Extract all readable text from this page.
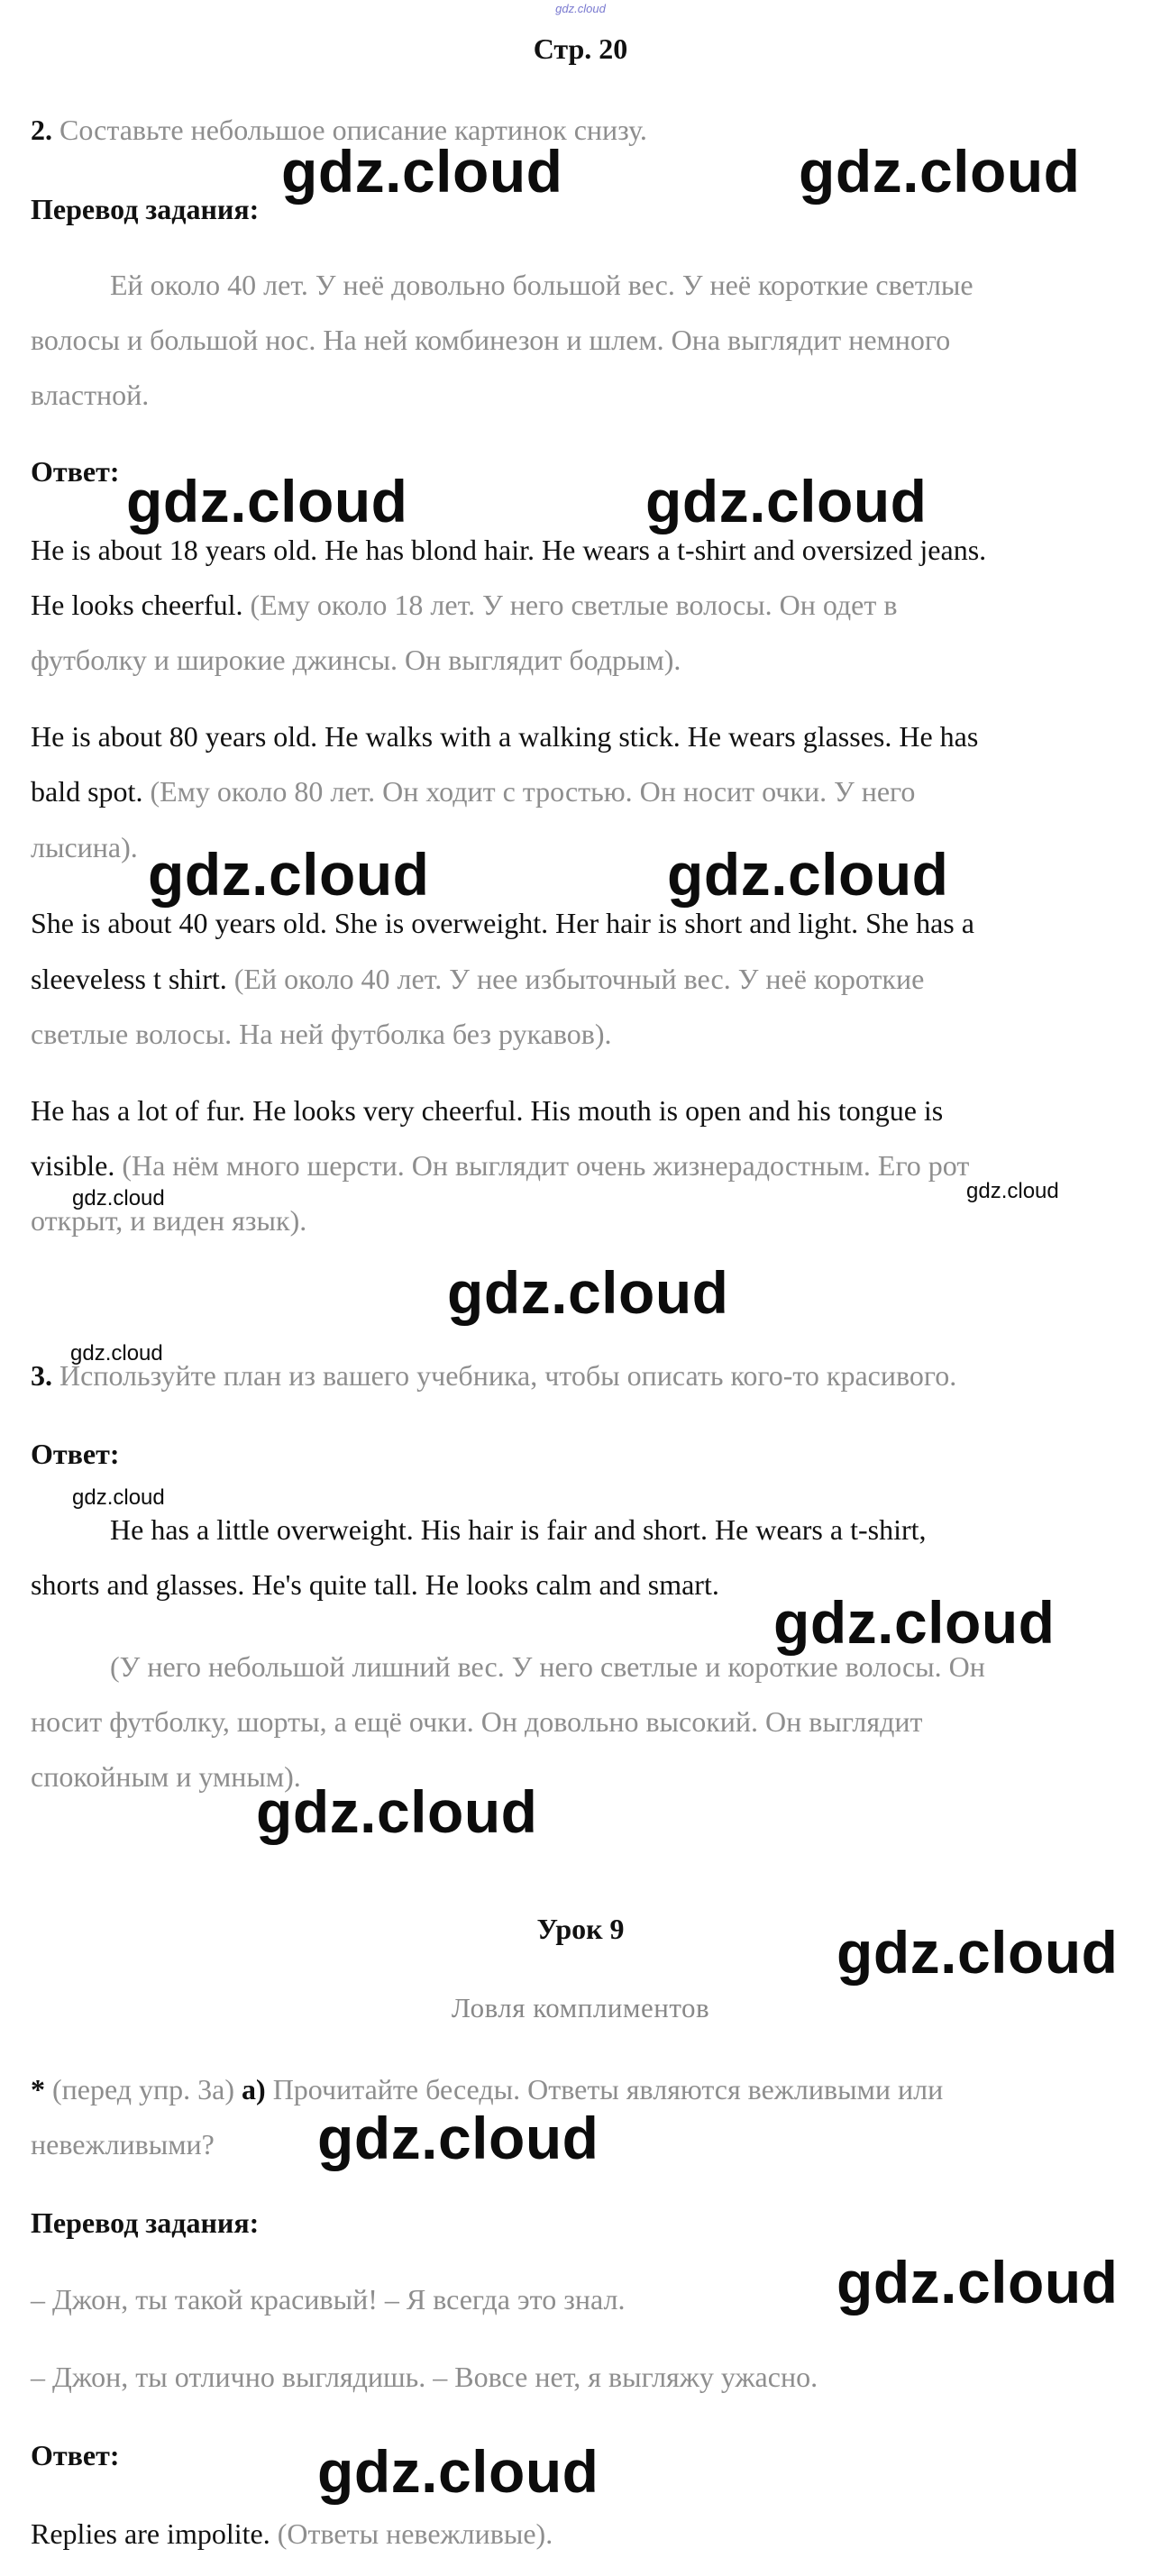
gdz.cloud
Стр. 20
2. Составьте небольшое описание картинок снизу.
Перевод задания:
Ей около 40 лет. У неё довольно большой вес. У неё короткие светлые
волосы и большой нос. На ней комбинезон и шлем. Она выглядит немного
властной.
Ответ:
He is about 18 years old. He has blond hair. He wears a t-shirt and oversized jeans.
He looks cheerful. (Ему около 18 лет. У него светлые волосы. Он одет в
футболку и широкие джинсы. Он выглядит бодрым).
He is about 80 years old. He walks with a walking stick. He wears glasses. He has
bald spot. (Ему около 80 лет. Он ходит с тростью. Он носит очки. У него
лысина).
She is about 40 years old. She is overweight. Her hair is short and light. She has a
sleeveless t shirt. (Ей около 40 лет. У нее избыточный вес. У неё короткие
светлые волосы. На ней футболка без рукавов).
He has a lot of fur. He looks very cheerful. His mouth is open and his tongue is
visible. (На нём много шерсти. Он выглядит очень жизнерадостным. Его рот
открыт, и виден язык).
3. Используйте план из вашего учебника, чтобы описать кого-то красивого.
Ответ:
He has a little overweight. His hair is fair and short. He wears a t-shirt,
shorts and glasses. He's quite tall. He looks calm and smart.
(У него небольшой лишний вес. У него светлые и короткие волосы. Он
носит футболку, шорты, а ещё очки. Он довольно высокий. Он выглядит
спокойным и умным).
Урок 9
Ловля комплиментов
* (перед упр. 3а) а) Прочитайте беседы. Ответы являются вежливыми или
невежливыми?
Перевод задания:
– Джон, ты такой красивый! – Я всегда это знал.
– Джон, ты отлично выглядишь. – Вовсе нет, я выгляжу ужасно.
Ответ:
Replies are impolite. (Ответы невежливые).
gdz.cloud	gdz.cloud
gdz.cloud	gdz.cloud
gdz.cloud	gdz.cloud
gdz.cloud	gdz.cloud
gdz.cloud
gdz.cloud
gdz.cloud
gdz.cloud
gdz.cloud
gdz.cloud
gdz.cloud
gdz.cloud
gdz.cloud
